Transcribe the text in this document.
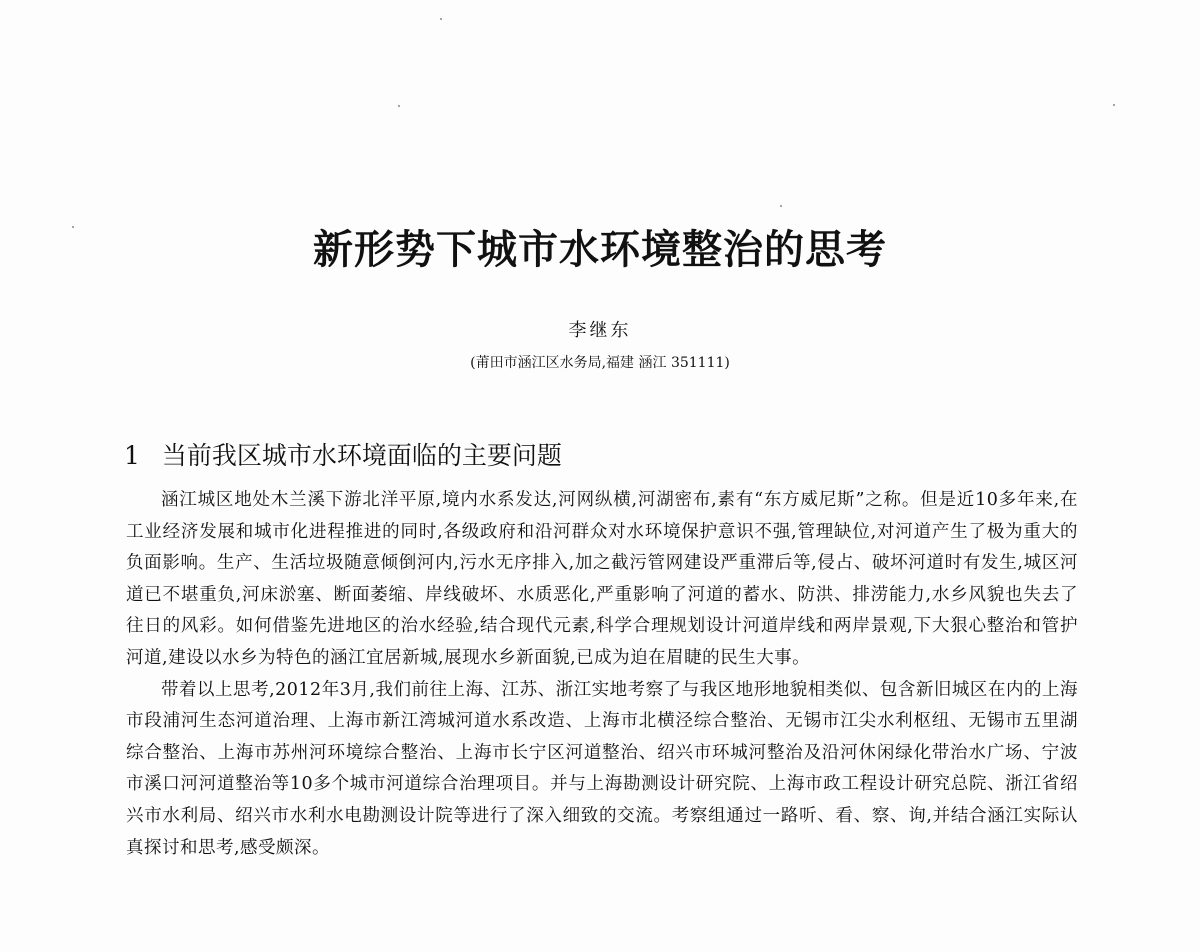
新形势下城市水环境整治的思考
李继东
(莆田市涵江区水务局,福建 涵江 351111)
1 当前我区城市水环境面临的主要问题

涵江城区地处木兰溪下游北洋平原,境内水系发达,河网纵横,河湖密布,素有“东方威尼斯”之称。但是近10多年来,在工业经济发展和城市化进程推进的同时,各级政府和沿河群众对水环境保护意识不强,管理缺位,对河道产生了极为重大的负面影响。生产、生活垃圾随意倾倒河内,污水无序排入,加之截污管网建设严重滞后等,侵占、破坏河道时有发生,城区河道已不堪重负,河床淤塞、断面萎缩、岸线破坏、水质恶化,严重影响了河道的蓄水、防洪、排涝能力,水乡风貌也失去了往日的风彩。如何借鉴先进地区的治水经验,结合现代元素,科学合理规划设计河道岸线和两岸景观,下大狠心整治和管护河道,建设以水乡为特色的涵江宜居新城,展现水乡新面貌,已成为迫在眉睫的民生大事。

带着以上思考,2012年3月,我们前往上海、江苏、浙江实地考察了与我区地形地貌相类似、包含新旧城区在内的上海市段浦河生态河道治理、上海市新江湾城河道水系改造、上海市北横泾综合整治、无锡市江尖水利枢纽、无锡市五里湖综合整治、上海市苏州河环境综合整治、上海市长宁区河道整治、绍兴市环城河整治及沿河休闲绿化带治水广场、宁波市溪口河河道整治等10多个城市河道综合治理项目。并与上海勘测设计研究院、上海市政工程设计研究总院、浙江省绍兴市水利局、绍兴市水利水电勘测设计院等进行了深入细致的交流。考察组通过一路听、看、察、询,并结合涵江实际认真探讨和思考,感受颇深。
